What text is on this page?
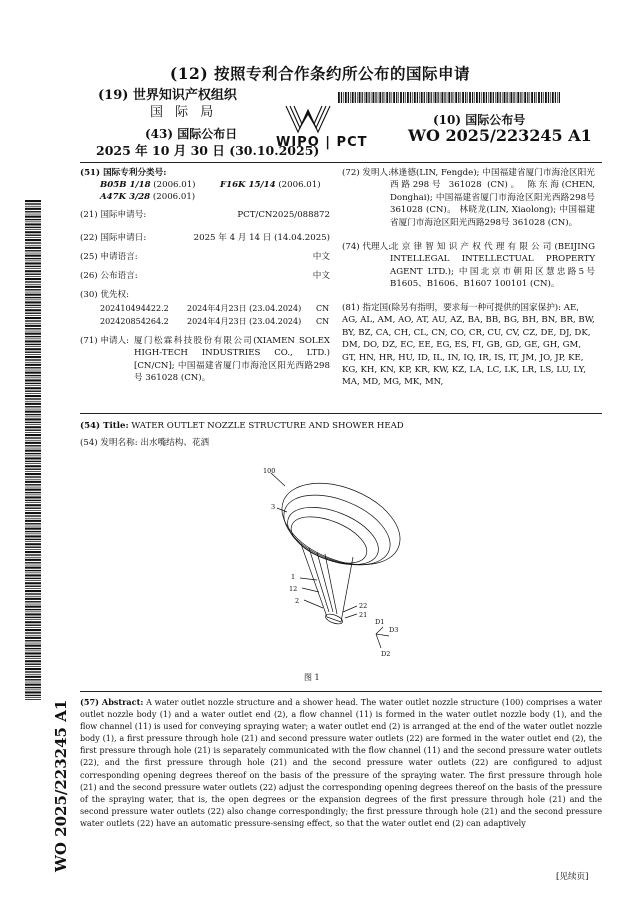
(12) 按照专利合作条约所公布的国际申请
(19) 世界知识产权组织
国 际 局
(43) 国际公布日
2025 年 10 月 30 日 (30.10.2025)
WIPO | PCT
(10) 国际公布号
WO 2025/223245 A1
(51) 国际专利分类号:
B05B 1/18 (2006.01)	F16K 15/14 (2006.01)
A47K 3/28 (2006.01)
(21) 国际申请号:	PCT/CN2025/088872
(22) 国际申请日:	2025 年 4 月 14 日 (14.04.2025)
(25) 申请语言:	中文
(26) 公布语言:	中文
(30) 优先权:
202410494422.2 2024年4月23日 (23.04.2024) CN
202420854264.2 2024年4月23日 (23.04.2024) CN
(71) 申请人: 厦门松霖科技股份有限公司(XIAMEN SOLEX HIGH-TECH INDUSTRIES CO., LTD.) [CN/CN]; 中国福建省厦门市海沧区阳光西路298号 361028 (CN)。
(72) 发明人:
林逢德(LIN, Fengde); 中国福建省厦门市海沧区阳光西路298号 361028 (CN)。 陈东海(CHEN, Donghai); 中国福建省厦门市海沧区阳光西路298号 361028 (CN)。 林晓龙(LIN, Xiaolong); 中国福建省厦门市海沧区阳光西路298号 361028 (CN)。
(74) 代理人:
北京律智知识产权代理有限公司(BEIJING INTELLEGAL INTELLECTUAL PROPERTY AGENT LTD.); 中国北京市朝阳区慧忠路5号B1605、B1606、B1607 100101 (CN)。
(81) 指定国(除另有指明，要求每一种可提供的国家保护): AE, AG, AL, AM, AO, AT, AU, AZ, BA, BB, BG, BH, BN, BR, BW, BY, BZ, CA, CH, CL, CN, CO, CR, CU, CV, CZ, DE, DJ, DK, DM, DO, DZ, EC, EE, EG, ES, FI, GB, GD, GE, GH, GM, GT, HN, HR, HU, ID, IL, IN, IQ, IR, IS, IT, JM, JO, JP, KE, KG, KH, KN, KP, KR, KW, KZ, LA, LC, LK, LR, LS, LU, LY, MA, MD, MG, MK, MN,
(54) Title: WATER OUTLET NOZZLE STRUCTURE AND SHOWER HEAD
(54) 发明名称: 出水嘴结构、花洒
100
3
1
12
2
22
21
D1
D3
D2
图 1
(57) Abstract: A water outlet nozzle structure and a shower head. The water outlet nozzle structure (100) comprises a water outlet nozzle body (1) and a water outlet end (2), a flow channel (11) is formed in the water outlet nozzle body (1), and the flow channel (11) is used for conveying spraying water; a water outlet end (2) is arranged at the end of the water outlet nozzle body (1), a first pressure through hole (21) and second pressure water outlets (22) are formed in the water outlet end (2), the first pressure through hole (21) is separately communicated with the flow channel (11) and the second pressure water outlets (22), and the first pressure through hole (21) and the second pressure water outlets (22) are configured to adjust corresponding opening degrees thereof on the basis of the pressure of the spraying water. The first pressure through hole (21) and the second pressure water outlets (22) adjust the corresponding opening degrees thereof on the basis of the pressure of the spraying water, that is, the open degrees or the expansion degrees of the first pressure through hole (21) and the second pressure water outlets (22) also change correspondingly; the first pressure through hole (21) and the second pressure water outlets (22) have an automatic pressure-sensing effect, so that the water outlet end (2) can adaptively
WO 2025/223245 A1
[见续页]
